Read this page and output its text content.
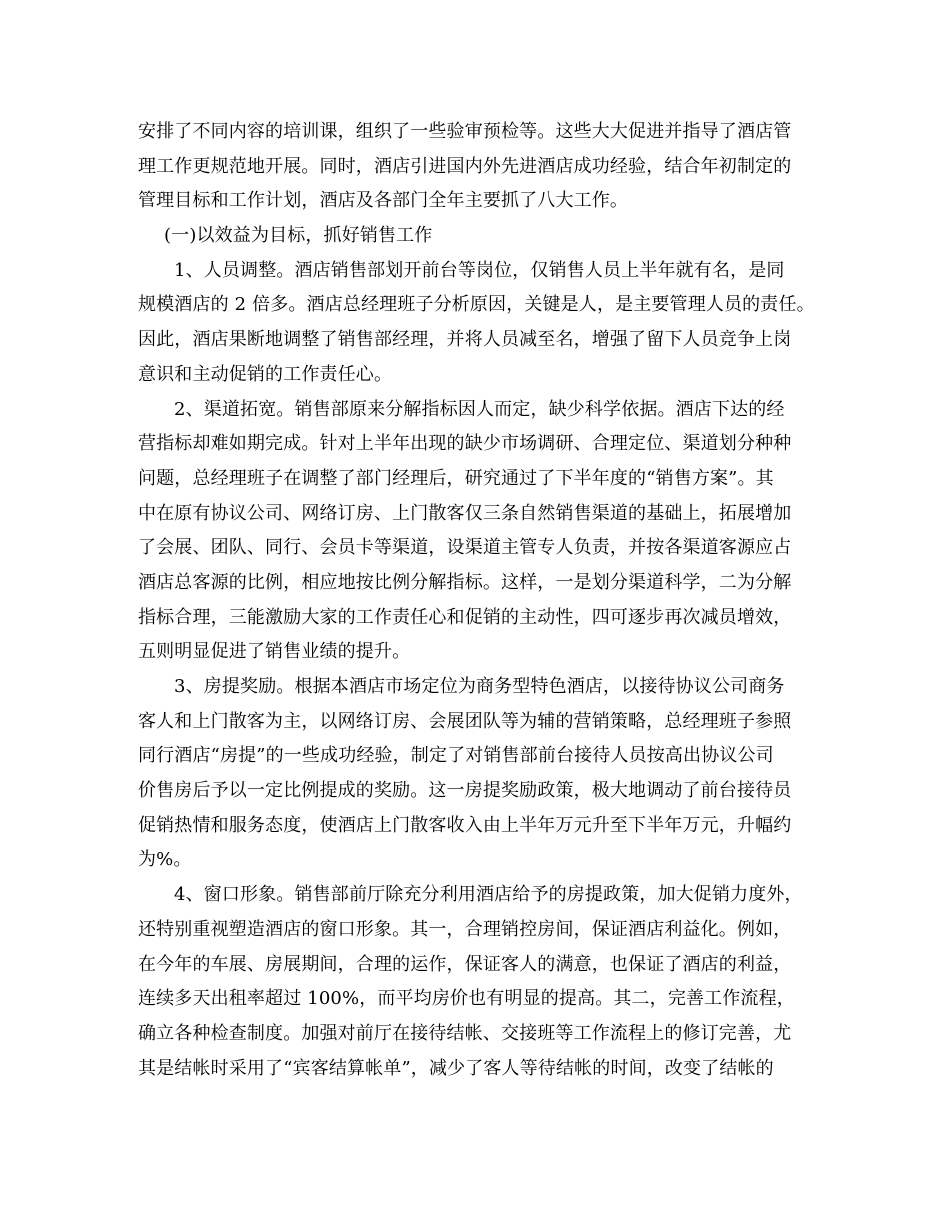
安排了不同内容的培训课，组织了一些验审预检等。这些大大促进并指导了酒店管
理工作更规范地开展。同时，酒店引进国内外先进酒店成功经验，结合年初制定的
管理目标和工作计划，酒店及各部门全年主要抓了八大工作。
(一)以效益为目标，抓好销售工作
1、人员调整。酒店销售部划开前台等岗位，仅销售人员上半年就有名，是同
规模酒店的 2 倍多。酒店总经理班子分析原因，关键是人，是主要管理人员的责任。
因此，酒店果断地调整了销售部经理，并将人员减至名，增强了留下人员竞争上岗
意识和主动促销的工作责任心。
2、渠道拓宽。销售部原来分解指标因人而定，缺少科学依据。酒店下达的经
营指标却难如期完成。针对上半年出现的缺少市场调研、合理定位、渠道划分种种
问题，总经理班子在调整了部门经理后，研究通过了下半年度的“销售方案”。其
中在原有协议公司、网络订房、上门散客仅三条自然销售渠道的基础上，拓展增加
了会展、团队、同行、会员卡等渠道，设渠道主管专人负责，并按各渠道客源应占
酒店总客源的比例，相应地按比例分解指标。这样，一是划分渠道科学，二为分解
指标合理，三能激励大家的工作责任心和促销的主动性，四可逐步再次减员增效，
五则明显促进了销售业绩的提升。
3、房提奖励。根据本酒店市场定位为商务型特色酒店，以接待协议公司商务
客人和上门散客为主，以网络订房、会展团队等为辅的营销策略，总经理班子参照
同行酒店“房提”的一些成功经验，制定了对销售部前台接待人员按高出协议公司
价售房后予以一定比例提成的奖励。这一房提奖励政策，极大地调动了前台接待员
促销热情和服务态度，使酒店上门散客收入由上半年万元升至下半年万元，升幅约
为%。
4、窗口形象。销售部前厅除充分利用酒店给予的房提政策，加大促销力度外，
还特别重视塑造酒店的窗口形象。其一，合理销控房间，保证酒店利益化。例如，
在今年的车展、房展期间，合理的运作，保证客人的满意，也保证了酒店的利益，
连续多天出租率超过 100%，而平均房价也有明显的提高。其二，完善工作流程，
确立各种检查制度。加强对前厅在接待结帐、交接班等工作流程上的修订完善，尤
其是结帐时采用了“宾客结算帐单”，减少了客人等待结帐的时间，改变了结帐的
